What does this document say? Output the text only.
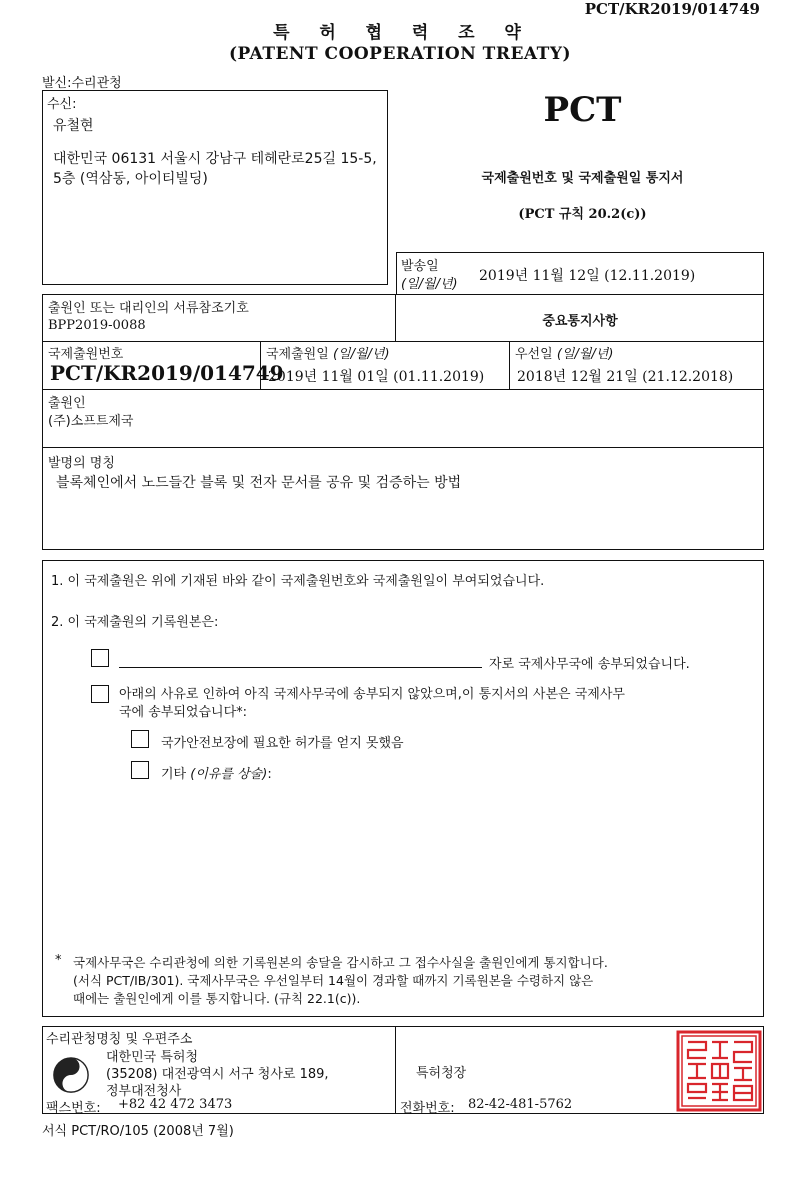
PCT/KR2019/014749
특  허  협  력  조  약
(PATENT COOPERATION TREATY)
발신:수리관청
수신:
유철현
대한민국 06131 서울시 강남구 테헤란로25길 15-5, 5층 (역삼동, 아이티빌딩)
PCT
국제출원번호 및 국제출원일 통지서
(PCT 규칙 20.2(c))
발송일
(일/월/년)
2019년 11월 12일 (12.11.2019)
출원인 또는 대리인의 서류참조기호
BPP2019-0088	중요통지사항
국제출원번호
PCT/KR2019/014749
국제출원일 (일/월/년)
2019년 11월 01일 (01.11.2019)
우선일 (일/월/년)
2018년 12월 21일 (21.12.2018)
출원인
(주)소프트제국
발명의 명칭
블록체인에서 노드들간 블록 및 전자 문서를 공유 및 검증하는 방법
1. 이 국제출원은 위에 기재된 바와 같이 국제출원번호와 국제출원일이 부여되었습니다.
2. 이 국제출원의 기록원본은:
자로 국제사무국에 송부되었습니다.
아래의 사유로 인하여 아직 국제사무국에 송부되지 않았으며,이 통지서의 사본은 국제사무
국에 송부되었습니다*:
국가안전보장에 필요한 허가를 얻지 못했음
기타 (이유를 상술):
* 국제사무국은 수리관청에 의한 기록원본의 송달을 감시하고 그 접수사실을 출원인에게 통지합니다.
(서식 PCT/IB/301). 국제사무국은 우선일부터 14월이 경과할 때까지 기록원본을 수령하지 않은
때에는 출원인에게 이를 통지합니다. (규칙 22.1(c)).
수리관청명칭 및 우편주소
대한민국 특허청
(35208) 대전광역시 서구 청사로 189,
정부대전청사
팩스번호: +82 42 472 3473
특허청장
전화번호: 82-42-481-5762
서식 PCT/RO/105 (2008년 7월)
